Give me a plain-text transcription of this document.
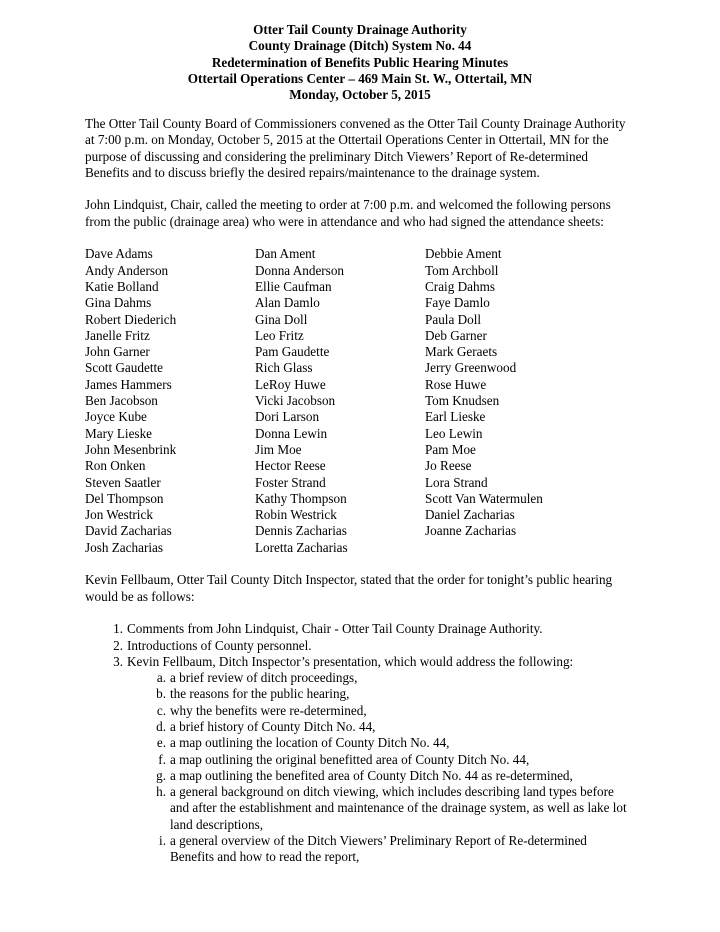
Otter Tail County Drainage Authority
County Drainage (Ditch) System No. 44
Redetermination of Benefits Public Hearing Minutes
Ottertail Operations Center – 469 Main St. W., Ottertail, MN
Monday, October 5, 2015

The Otter Tail County Board of Commissioners convened as the Otter Tail County Drainage Authority at 7:00 p.m. on Monday, October 5, 2015 at the Ottertail Operations Center in Ottertail, MN for the purpose of discussing and considering the preliminary Ditch Viewers’ Report of Re-determined Benefits and to discuss briefly the desired repairs/maintenance to the drainage system.

John Lindquist, Chair, called the meeting to order at 7:00 p.m. and welcomed the following persons from the public (drainage area) who were in attendance and who had signed the attendance sheets:

Dave Adams	Dan Ament	Debbie Ament
Andy Anderson	Donna Anderson	Tom Archboll
Katie Bolland	Ellie Caufman	Craig Dahms
Gina Dahms	Alan Damlo	Faye Damlo
Robert Diederich	Gina Doll	Paula Doll
Janelle Fritz	Leo Fritz	Deb Garner
John Garner	Pam Gaudette	Mark Geraets
Scott Gaudette	Rich Glass	Jerry Greenwood
James Hammers	LeRoy Huwe	Rose Huwe
Ben Jacobson	Vicki Jacobson	Tom Knudsen
Joyce Kube	Dori Larson	Earl Lieske
Mary Lieske	Donna Lewin	Leo Lewin
John Mesenbrink	Jim Moe	Pam Moe
Ron Onken	Hector Reese	Jo Reese
Steven Saatler	Foster Strand	Lora Strand
Del Thompson	Kathy Thompson	Scott Van Watermulen
Jon Westrick	Robin Westrick	Daniel Zacharias
David Zacharias	Dennis Zacharias	Joanne Zacharias
Josh Zacharias	Loretta Zacharias

Kevin Fellbaum, Otter Tail County Ditch Inspector, stated that the order for tonight’s public hearing would be as follows:

1. Comments from John Lindquist, Chair - Otter Tail County Drainage Authority.
2. Introductions of County personnel.
3. Kevin Fellbaum, Ditch Inspector’s presentation, which would address the following:
a. a brief review of ditch proceedings,
b. the reasons for the public hearing,
c. why the benefits were re-determined,
d. a brief history of County Ditch No. 44,
e. a map outlining the location of County Ditch No. 44,
f. a map outlining the original benefitted area of County Ditch No. 44,
g. a map outlining the benefited area of County Ditch No. 44 as re-determined,
h. a general background on ditch viewing, which includes describing land types before and after the establishment and maintenance of the drainage system, as well as lake lot land descriptions,
i. a general overview of the Ditch Viewers’ Preliminary Report of Re-determined Benefits and how to read the report,
